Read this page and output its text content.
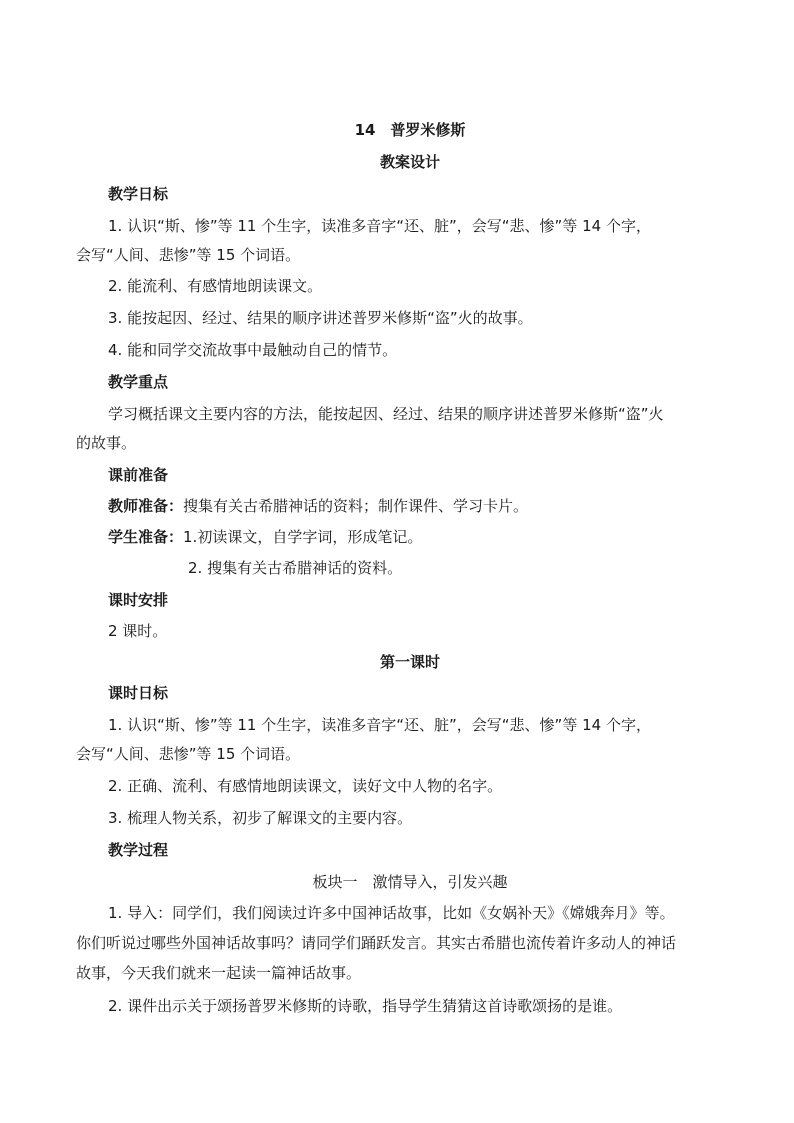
14　普罗米修斯
教案设计
教学日标
1. 认识“斯、惨”等 11 个生字，读准多音字“还、脏”，会写“悲、惨”等 14 个字，
会写“人间、悲惨”等 15 个词语。
2. 能流利、有感情地朗读课文。
3. 能按起因、经过、结果的顺序讲述普罗米修斯“盗”火的故事。
4. 能和同学交流故事中最触动自己的情节。
教学重点
学习概括课文主要内容的方法，能按起因、经过、结果的顺序讲述普罗米修斯“盗”火
的故事。
课前准备
教师准备：搜集有关古希腊神话的资料；制作课件、学习卡片。
学生准备：1.初读课文，自学字词，形成笔记。
2. 搜集有关古希腊神话的资料。
课时安排
2 课时。
第一课时
课时日标
1. 认识“斯、惨”等 11 个生字，读准多音字“还、脏”，会写“悲、惨”等 14 个字，
会写“人间、悲惨”等 15 个词语。
2. 正确、流利、有感情地朗读课文，读好文中人物的名字。
3. 梳理人物关系，初步了解课文的主要内容。
教学过程
板块一　激情导入，引发兴趣
1. 导入：同学们，我们阅读过许多中国神话故事，比如《女娲补天》《嫦娥奔月》等。
你们听说过哪些外国神话故事吗？请同学们踊跃发言。其实古希腊也流传着许多动人的神话
故事，今天我们就来一起读一篇神话故事。
2. 课件出示关于颂扬普罗米修斯的诗歌，指导学生猜猜这首诗歌颂扬的是谁。
